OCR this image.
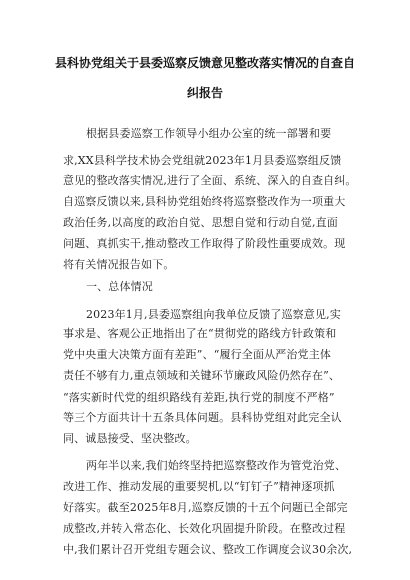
县科协党组关于县委巡察反馈意见整改落实情况的自查自
纠报告
根据县委巡察工作领导小组办公室的统一部署和要
求,XX县科学技术协会党组就2023年1月县委巡察组反馈
意见的整改落实情况,进行了全面、系统、深入的自查自纠。
自巡察反馈以来,县科协党组始终将巡察整改作为一项重大
政治任务,以高度的政治自觉、思想自觉和行动自觉,直面
问题、真抓实干,推动整改工作取得了阶段性重要成效。现
将有关情况报告如下。
一、总体情况
2023年1月,县委巡察组向我单位反馈了巡察意见,实
事求是、客观公正地指出了在“贯彻党的路线方针政策和
党中央重大决策方面有差距”、“履行全面从严治党主体
责任不够有力,重点领域和关键环节廉政风险仍然存在”、
“落实新时代党的组织路线有差距,执行党的制度不严格”
等三个方面共计十五条具体问题。县科协党组对此完全认
同、诚恳接受、坚决整改。
两年半以来,我们始终坚持把巡察整改作为管党治党、
改进工作、推动发展的重要契机,以“钉钉子”精神逐项抓
好落实。截至2025年8月,巡察反馈的十五个问题已全部完
成整改,并转入常态化、长效化巩固提升阶段。在整改过程
中,我们累计召开党组专题会议、整改工作调度会议30余次,
